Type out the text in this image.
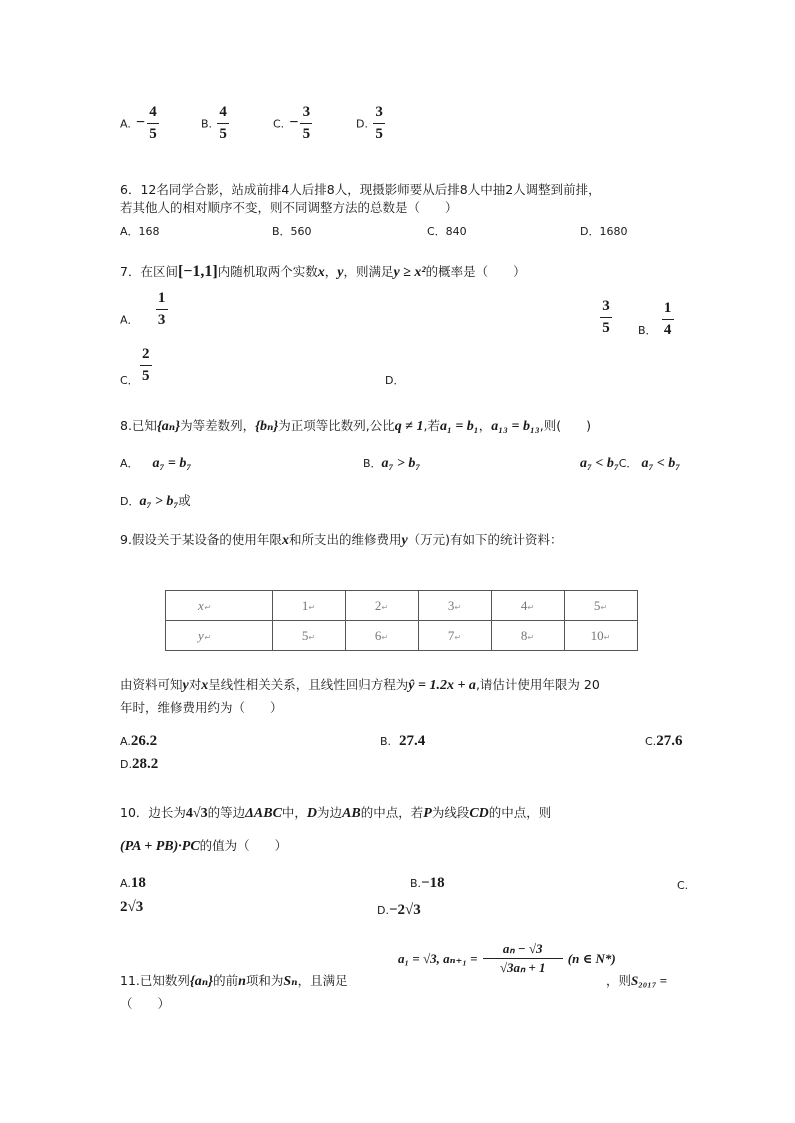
A. − $\frac{4}{5}$	B. $\frac{4}{5}$	C. − $\frac{3}{5}$	D. $\frac{3}{5}$
6．12名同学合影，站成前排4人后排8人，现摄影师要从后排8人中抽2人调整到前排，
若其他人的相对顺序不变，则不同调整方法的总数是（　　）
A．168	B．560	C．840	D．1680
7．在区间[−1,1]内随机取两个实数x，y，则满足y ≥ x²的概率是（　　）
A． $\frac{1}{3}$	$\frac{3}{5} _{B.} \frac{1}{4}$
$_{C.} \frac{2}{5}$	D．
8.已知{aₙ}为等差数列，{bₙ}为正项等比数列,公比q ≠ 1,若a₁ = b₁，a₁₃ = b₁₃,则(　　)
A． a₇ = b₇	B．a₇ > b₇	a₇ < b₇C． a₇ < b₇
D．a₇ > b₇或
9.假设关于某设备的使用年限x和所支出的维修费用y（万元)有如下的统计资料：
x↵	1↵	2↵	3↵	4↵	5↵
y↵	5↵	6↵	7↵	8↵	10↵
由资料可知y对x呈线性相关关系，且线性回归方程为ŷ = 1.2x + a,请估计使用年限为 20
年时，维修费用约为（　　）
A.26.2	B. 27.4	C.27.6
D.28.2
10．边长为4√3的等边ΔABC中，D为边AB的中点，若P为线段CD的中点，则
(PA + PB)·PC的值为（　　）
A.18	B.−18	C.
2√3	D.−2√3
11.已知数列{aₙ}的前n项和为Sₙ，且满足
a₁ = √3, $a_{n+1} = \frac{\text{aₙ − √3}}{\text{√3aₙ + 1}} (n$ ∈ N*)
，则S₂₀₁₇ =
（　　）
